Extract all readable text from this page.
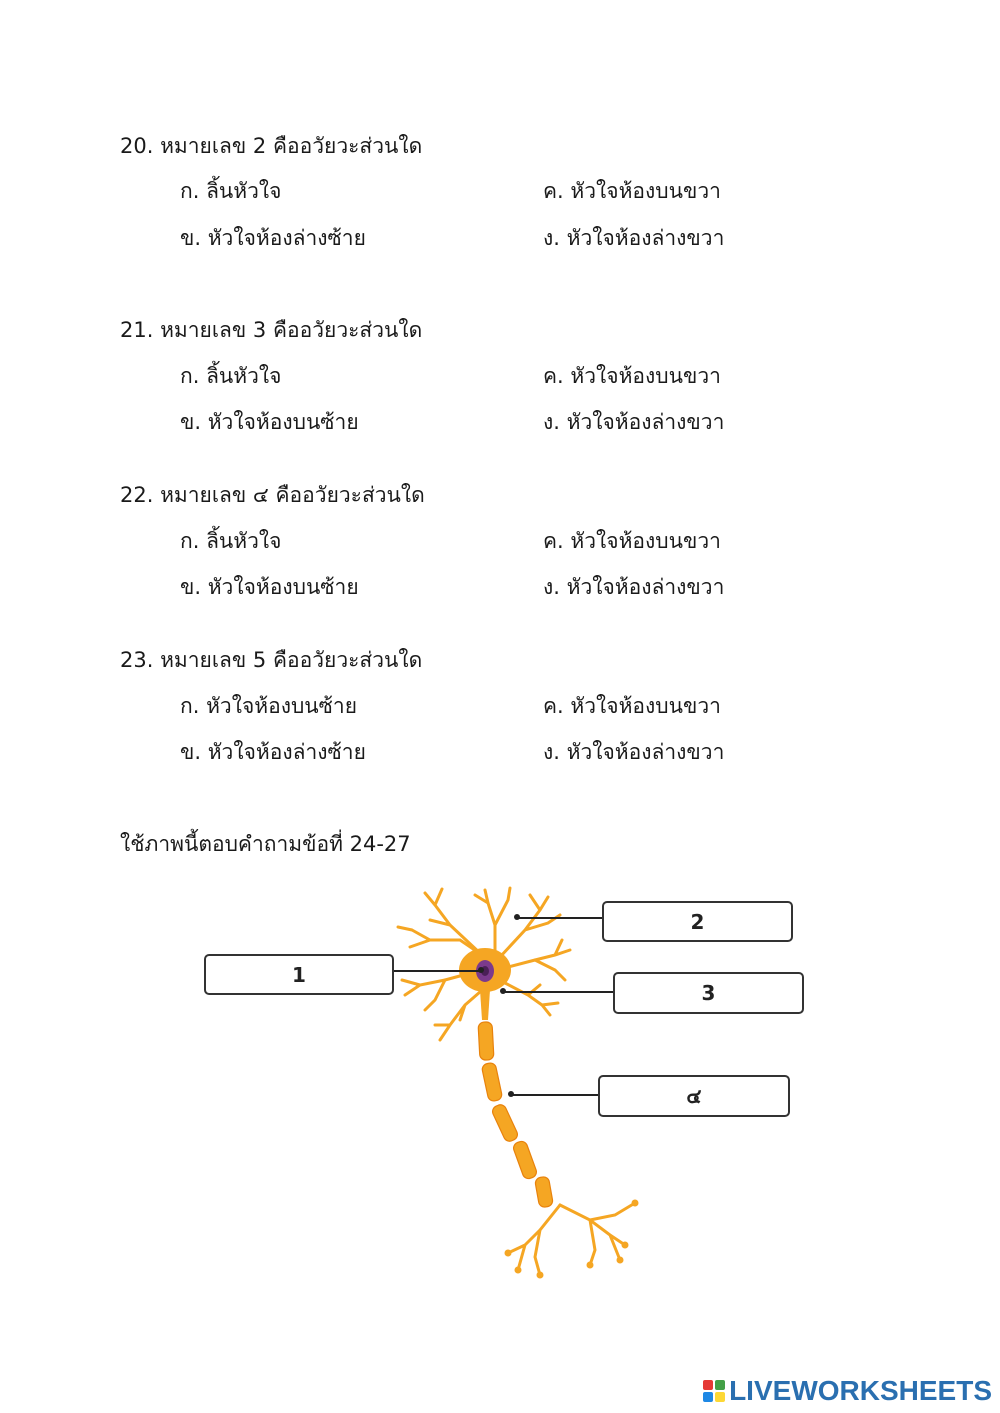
20. หมายเลข 2 คืออวัยวะส่วนใด
ก. ลิ้นหัวใจ	ค. หัวใจห้องบนขวา
ข. หัวใจห้องล่างซ้าย	ง. หัวใจห้องล่างขวา
21. หมายเลข 3 คืออวัยวะส่วนใด
ก. ลิ้นหัวใจ	ค. หัวใจห้องบนขวา
ข. หัวใจห้องบนซ้าย	ง. หัวใจห้องล่างขวา
22. หมายเลข ๔ คืออวัยวะส่วนใด
ก. ลิ้นหัวใจ	ค. หัวใจห้องบนขวา
ข. หัวใจห้องบนซ้าย	ง. หัวใจห้องล่างขวา
23. หมายเลข 5 คืออวัยวะส่วนใด
ก. หัวใจห้องบนซ้าย	ค. หัวใจห้องบนขวา
ข. หัวใจห้องล่างซ้าย	ง. หัวใจห้องล่างขวา
ใช้ภาพนี้ตอบคำถามข้อที่ 24-27
1
2
3
๔
LIVEWORKSHEETS
